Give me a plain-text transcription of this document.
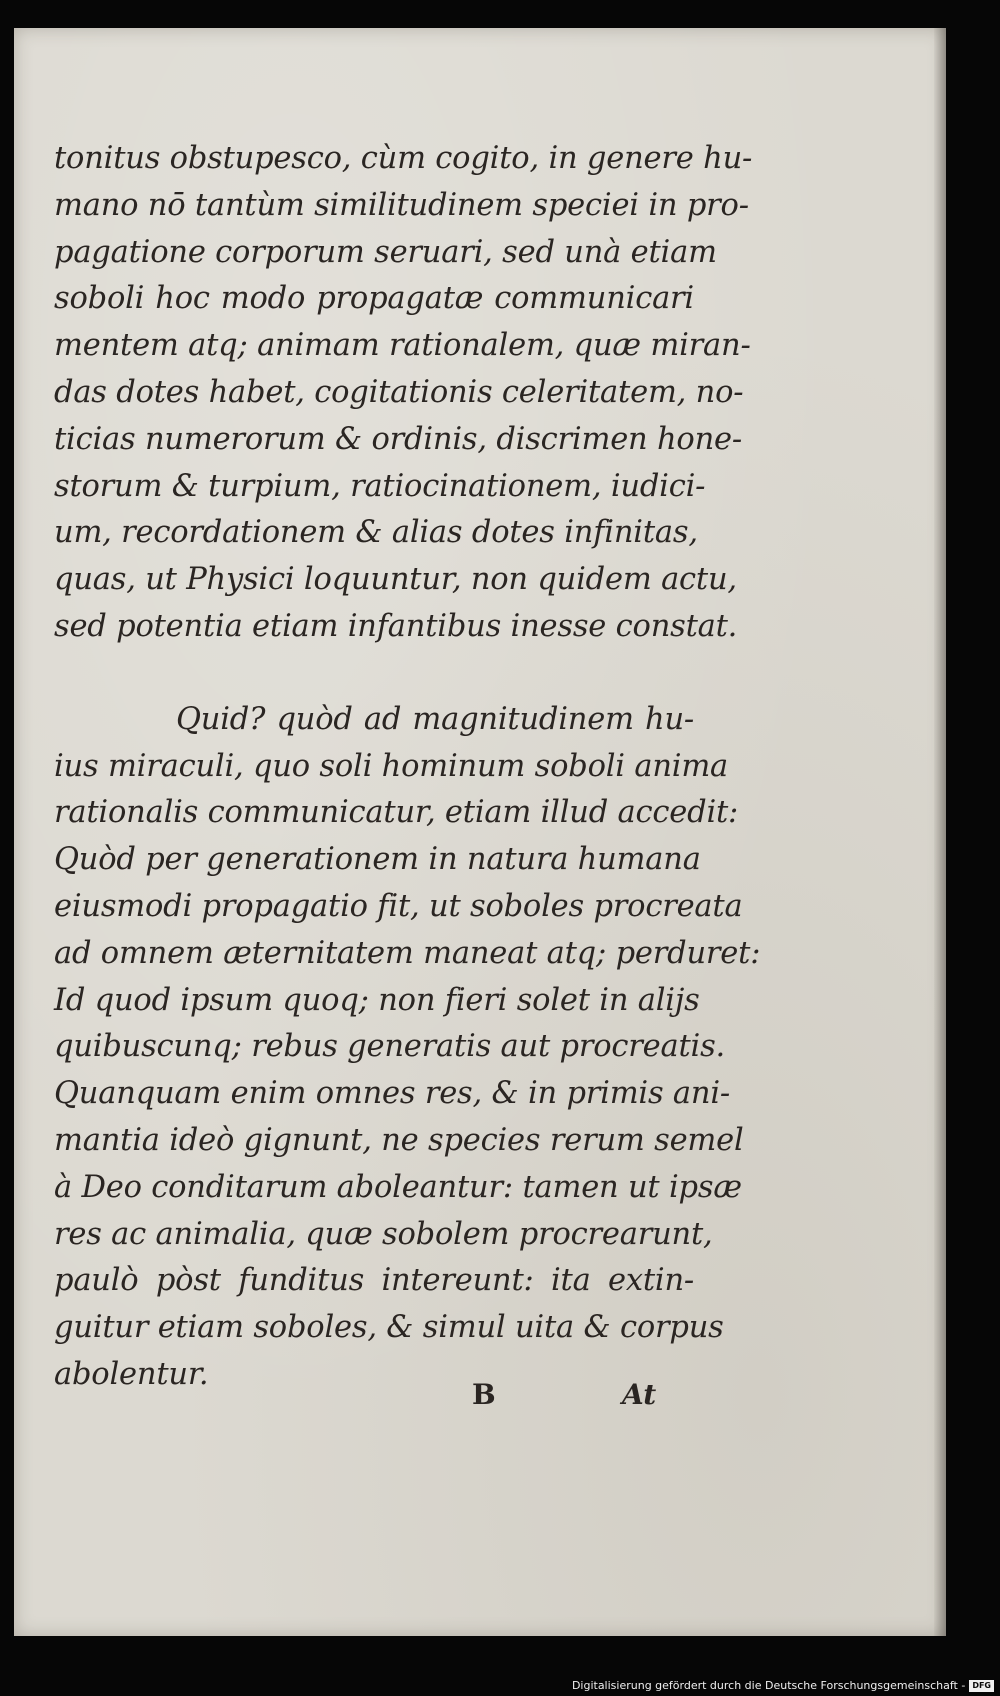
tonitus obstupesco, cùm cogito, in genere hu-
mano nō tantùm similitudinem speciei in pro-
pagatione corporum seruari, sed unà etiam
soboli hoc modo propagatæ communicari
mentem atq; animam rationalem, quæ miran-
das dotes habet, cogitationis celeritatem, no-
ticias numerorum & ordinis, discrimen hone-
storum & turpium, ratiocinationem, iudici-
um, recordationem & alias dotes infinitas,
quas, ut Physici loquuntur, non quidem actu,
sed potentia etiam infantibus inesse constat.
Quid? quòd ad magnitudinem hu-
ius miraculi, quo soli hominum soboli anima
rationalis communicatur, etiam illud accedit:
Quòd per generationem in natura humana
eiusmodi propagatio fit, ut soboles procreata
ad omnem æternitatem maneat atq; perduret:
Id quod ipsum quoq; non fieri solet in alijs
quibuscunq; rebus generatis aut procreatis.
Quanquam enim omnes res, & in primis ani-
mantia ideò gignunt, ne species rerum semel
à Deo conditarum aboleantur: tamen ut ipsæ
res ac animalia, quæ sobolem procrearunt,
paulò pòst funditus intereunt: ita extin-
guitur etiam soboles, & simul uita & corpus
abolentur.
B	At
Digitalisierung gefördert durch die Deutsche Forschungsgemeinschaft - DFG
